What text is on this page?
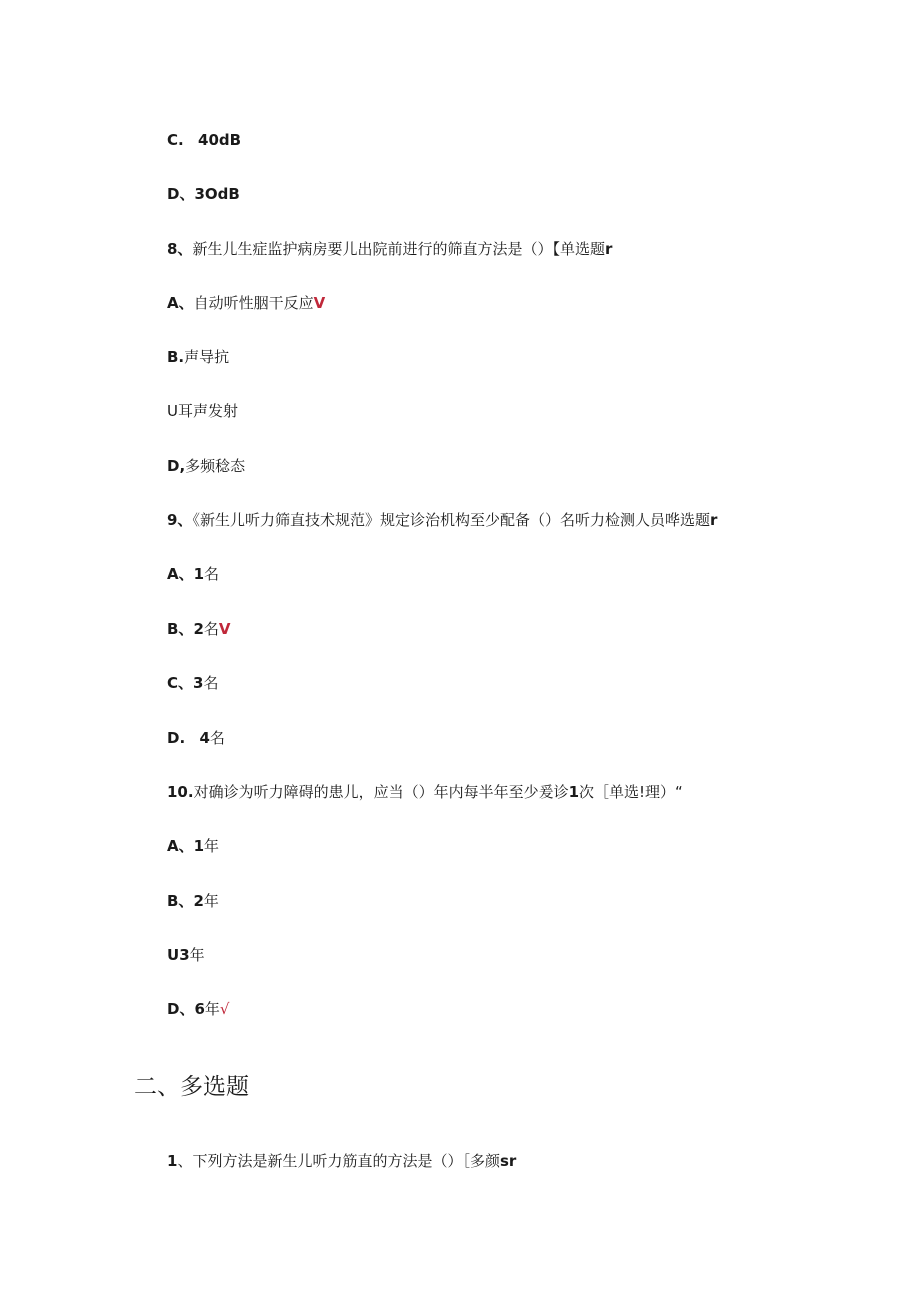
C. 40dB
D、3OdB
8、新生儿生症监护病房要儿出院前进行的筛直方法是（）【单选题r
A、自动听性胭干反应V
B.声导抗
U耳声发射
D,多频稔态
9、《新生儿听力筛直技术规范》规定诊治机构至少配备（）名听力检测人员哗选题r
A、1名
B、2名V
C、3名
D. 4名
10.对确诊为听力障碍的患儿，应当（）年内每半年至少爰诊1次［单选!理）“
A、1年
B、2年
U3年
D、6年√
二、多选题
1、下列方法是新生儿听力筋直的方法是（）［多颜sr
